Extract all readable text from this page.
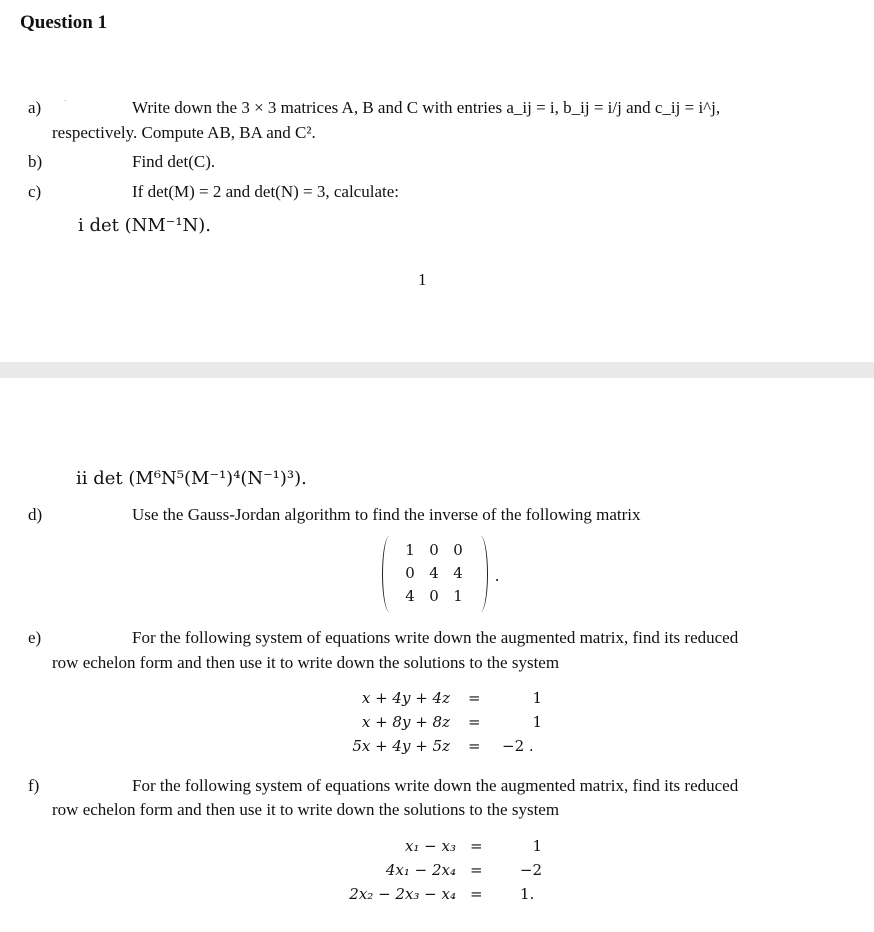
Question 1
a)	.	Write down the 3 × 3 matrices A, B and C with entries a_ij = i, b_ij = i/j and c_ij = i^j,
respectively. Compute AB, BA and C².
b)	Find det(C).
c)	If det(M) = 2 and det(N) = 3, calculate:
i det (NM⁻¹N).
1
ii det (M⁶N⁵(M⁻¹)⁴(N⁻¹)³).
d)	Use the Gauss-Jordan algorithm to find the inverse of the following matrix
1 0 0
0 4 4
4 0 1
.
e)	For the following system of equations write down the augmented matrix, find its reduced
row echelon form and then use it to write down the solutions to the system
x + 4y + 4z =	1
x + 8y + 8z =	1
5x + 4y + 5z = −2 .
f)	For the following system of equations write down the augmented matrix, find its reduced
row echelon form and then use it to write down the solutions to the system
x₁ − x₃ =	1
4x₁ − 2x₄ =	−2
2x₂ − 2x₃ − x₄ = 1.
